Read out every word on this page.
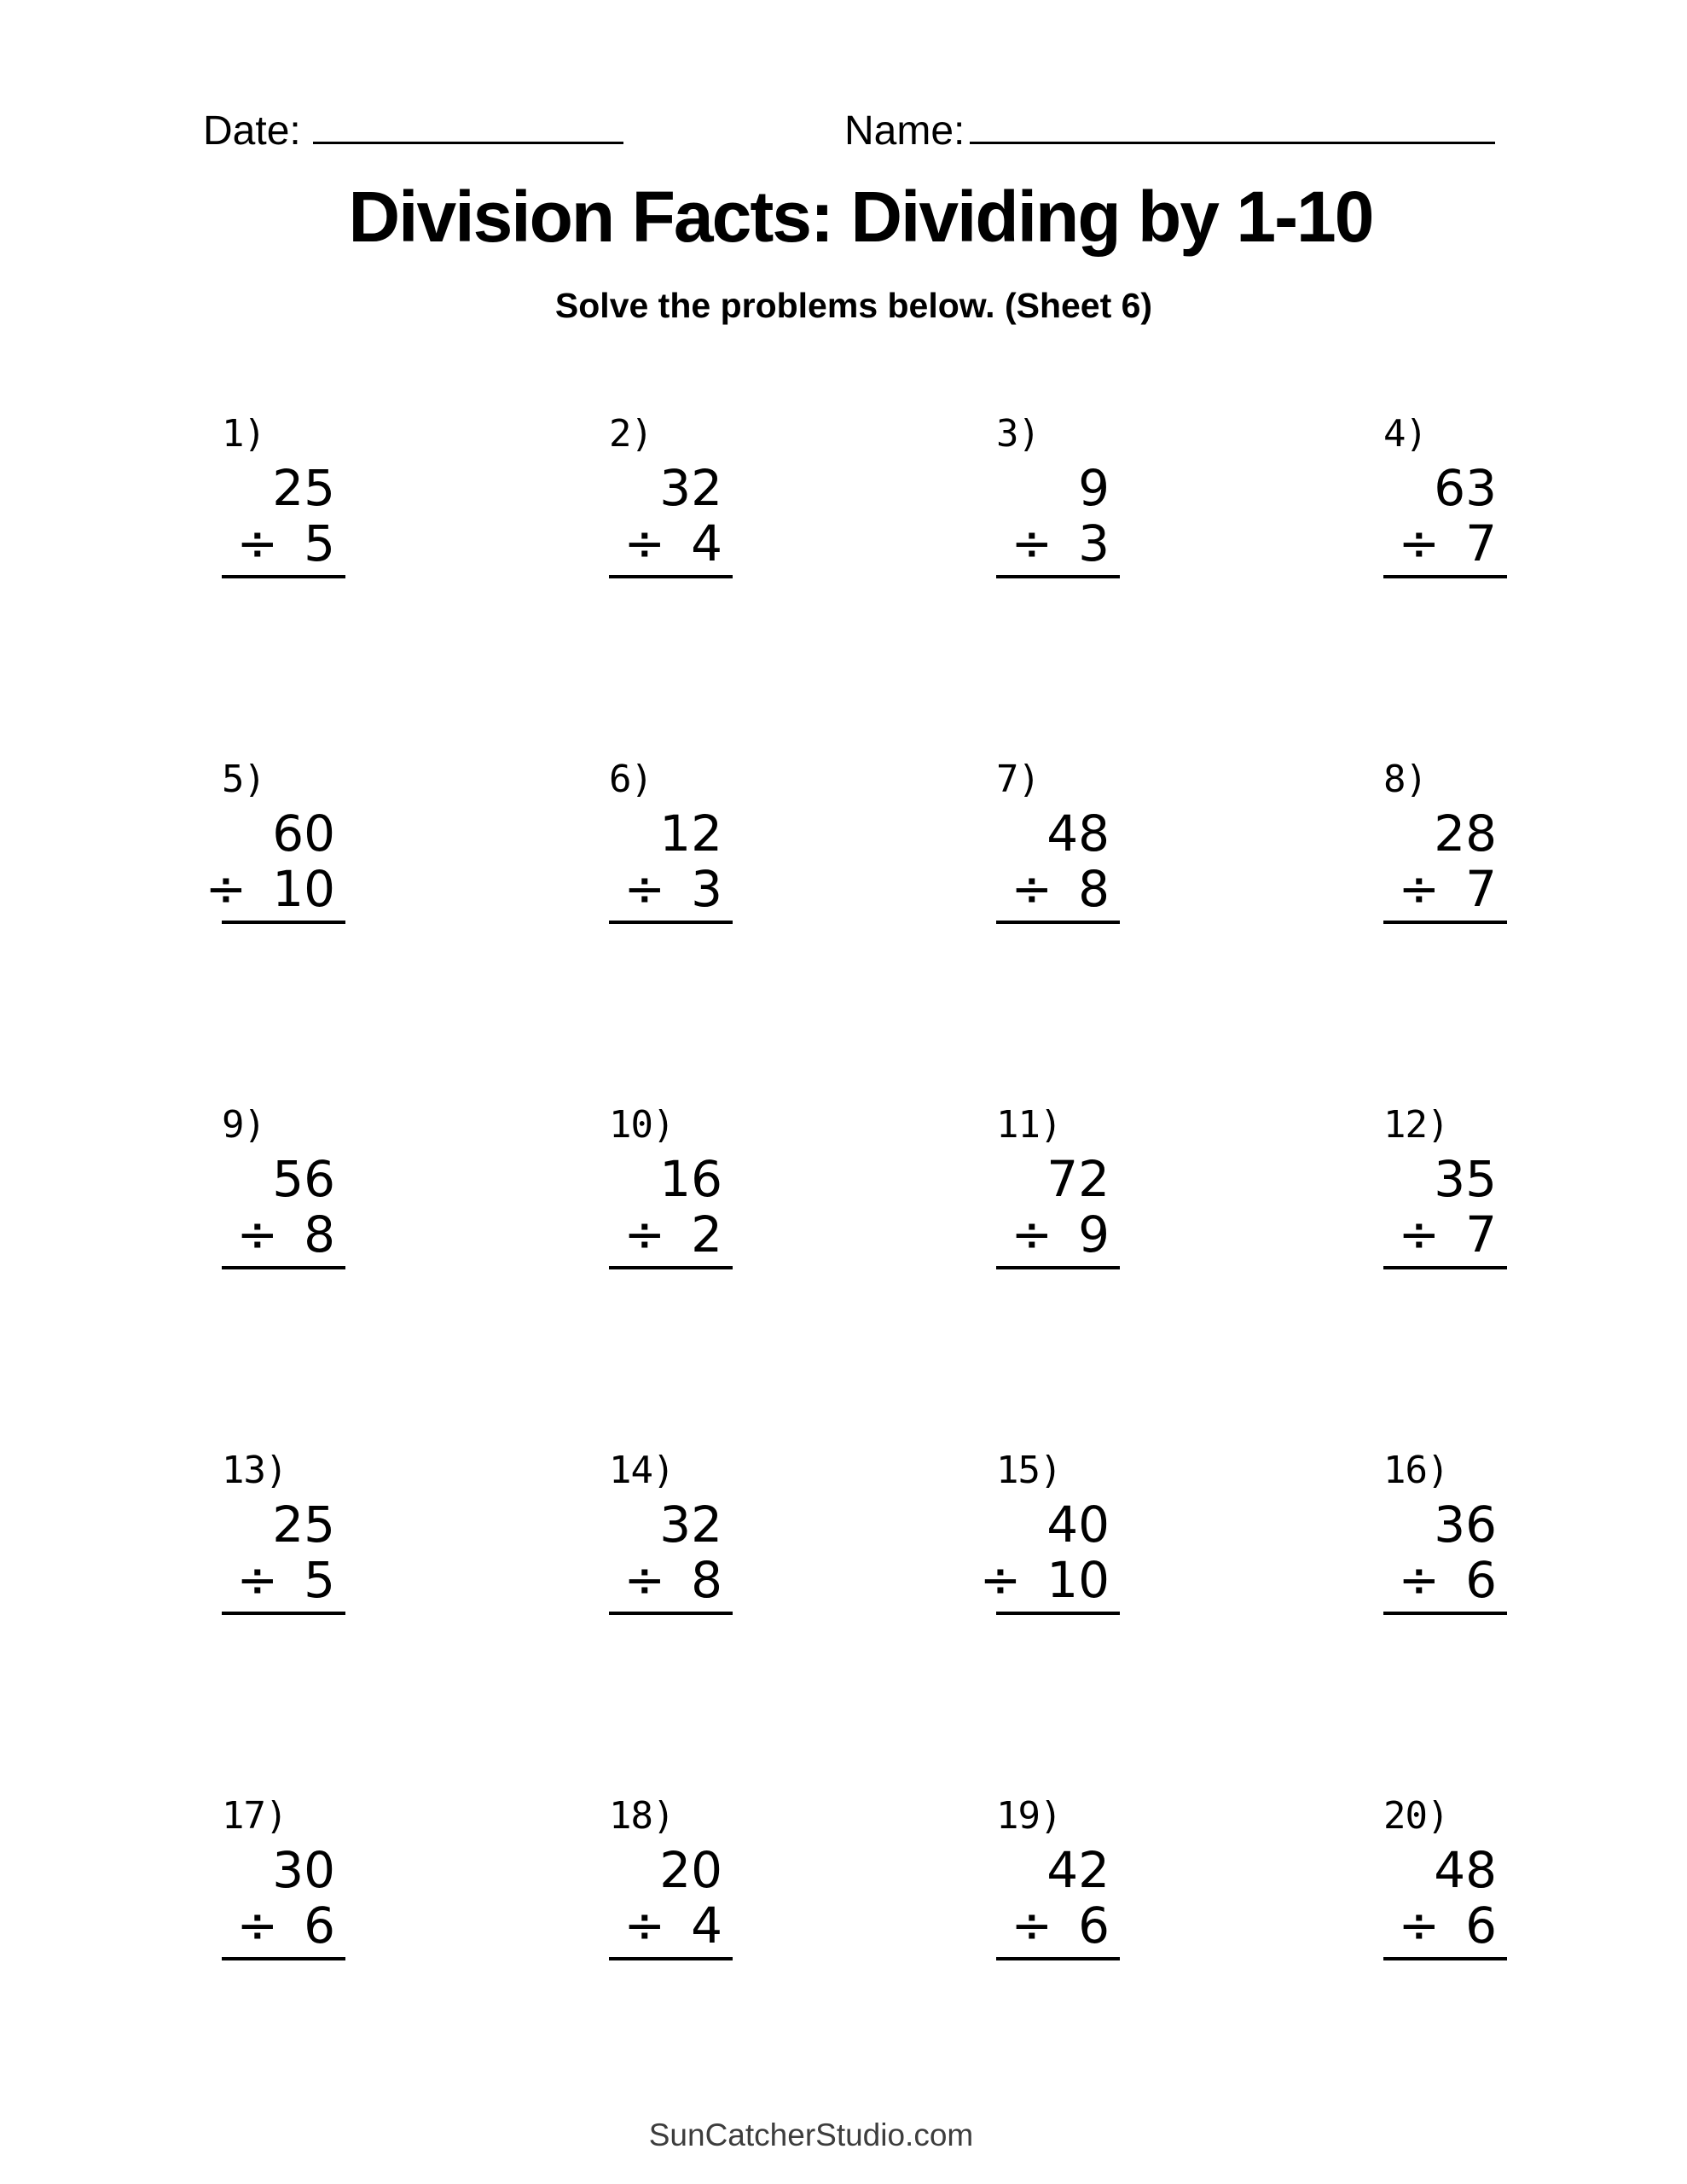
Date:	Name:
Division Facts: Dividing by 1-10
Solve the problems below. (Sheet 6)
1)
25
÷ 5
2)
32
÷ 4
3)
9
÷ 3
4)
63
÷ 7
5)
60
÷ 10
6)
12
÷ 3
7)
48
÷ 8
8)
28
÷ 7
9)
56
÷ 8
10)
16
÷ 2
11)
72
÷ 9
12)
35
÷ 7
13)
25
÷ 5
14)
32
÷ 8
15)
40
÷ 10
16)
36
÷ 6
17)
30
÷ 6
18)
20
÷ 4
19)
42
÷ 6
20)
48
÷ 6
SunCatcherStudio.com
